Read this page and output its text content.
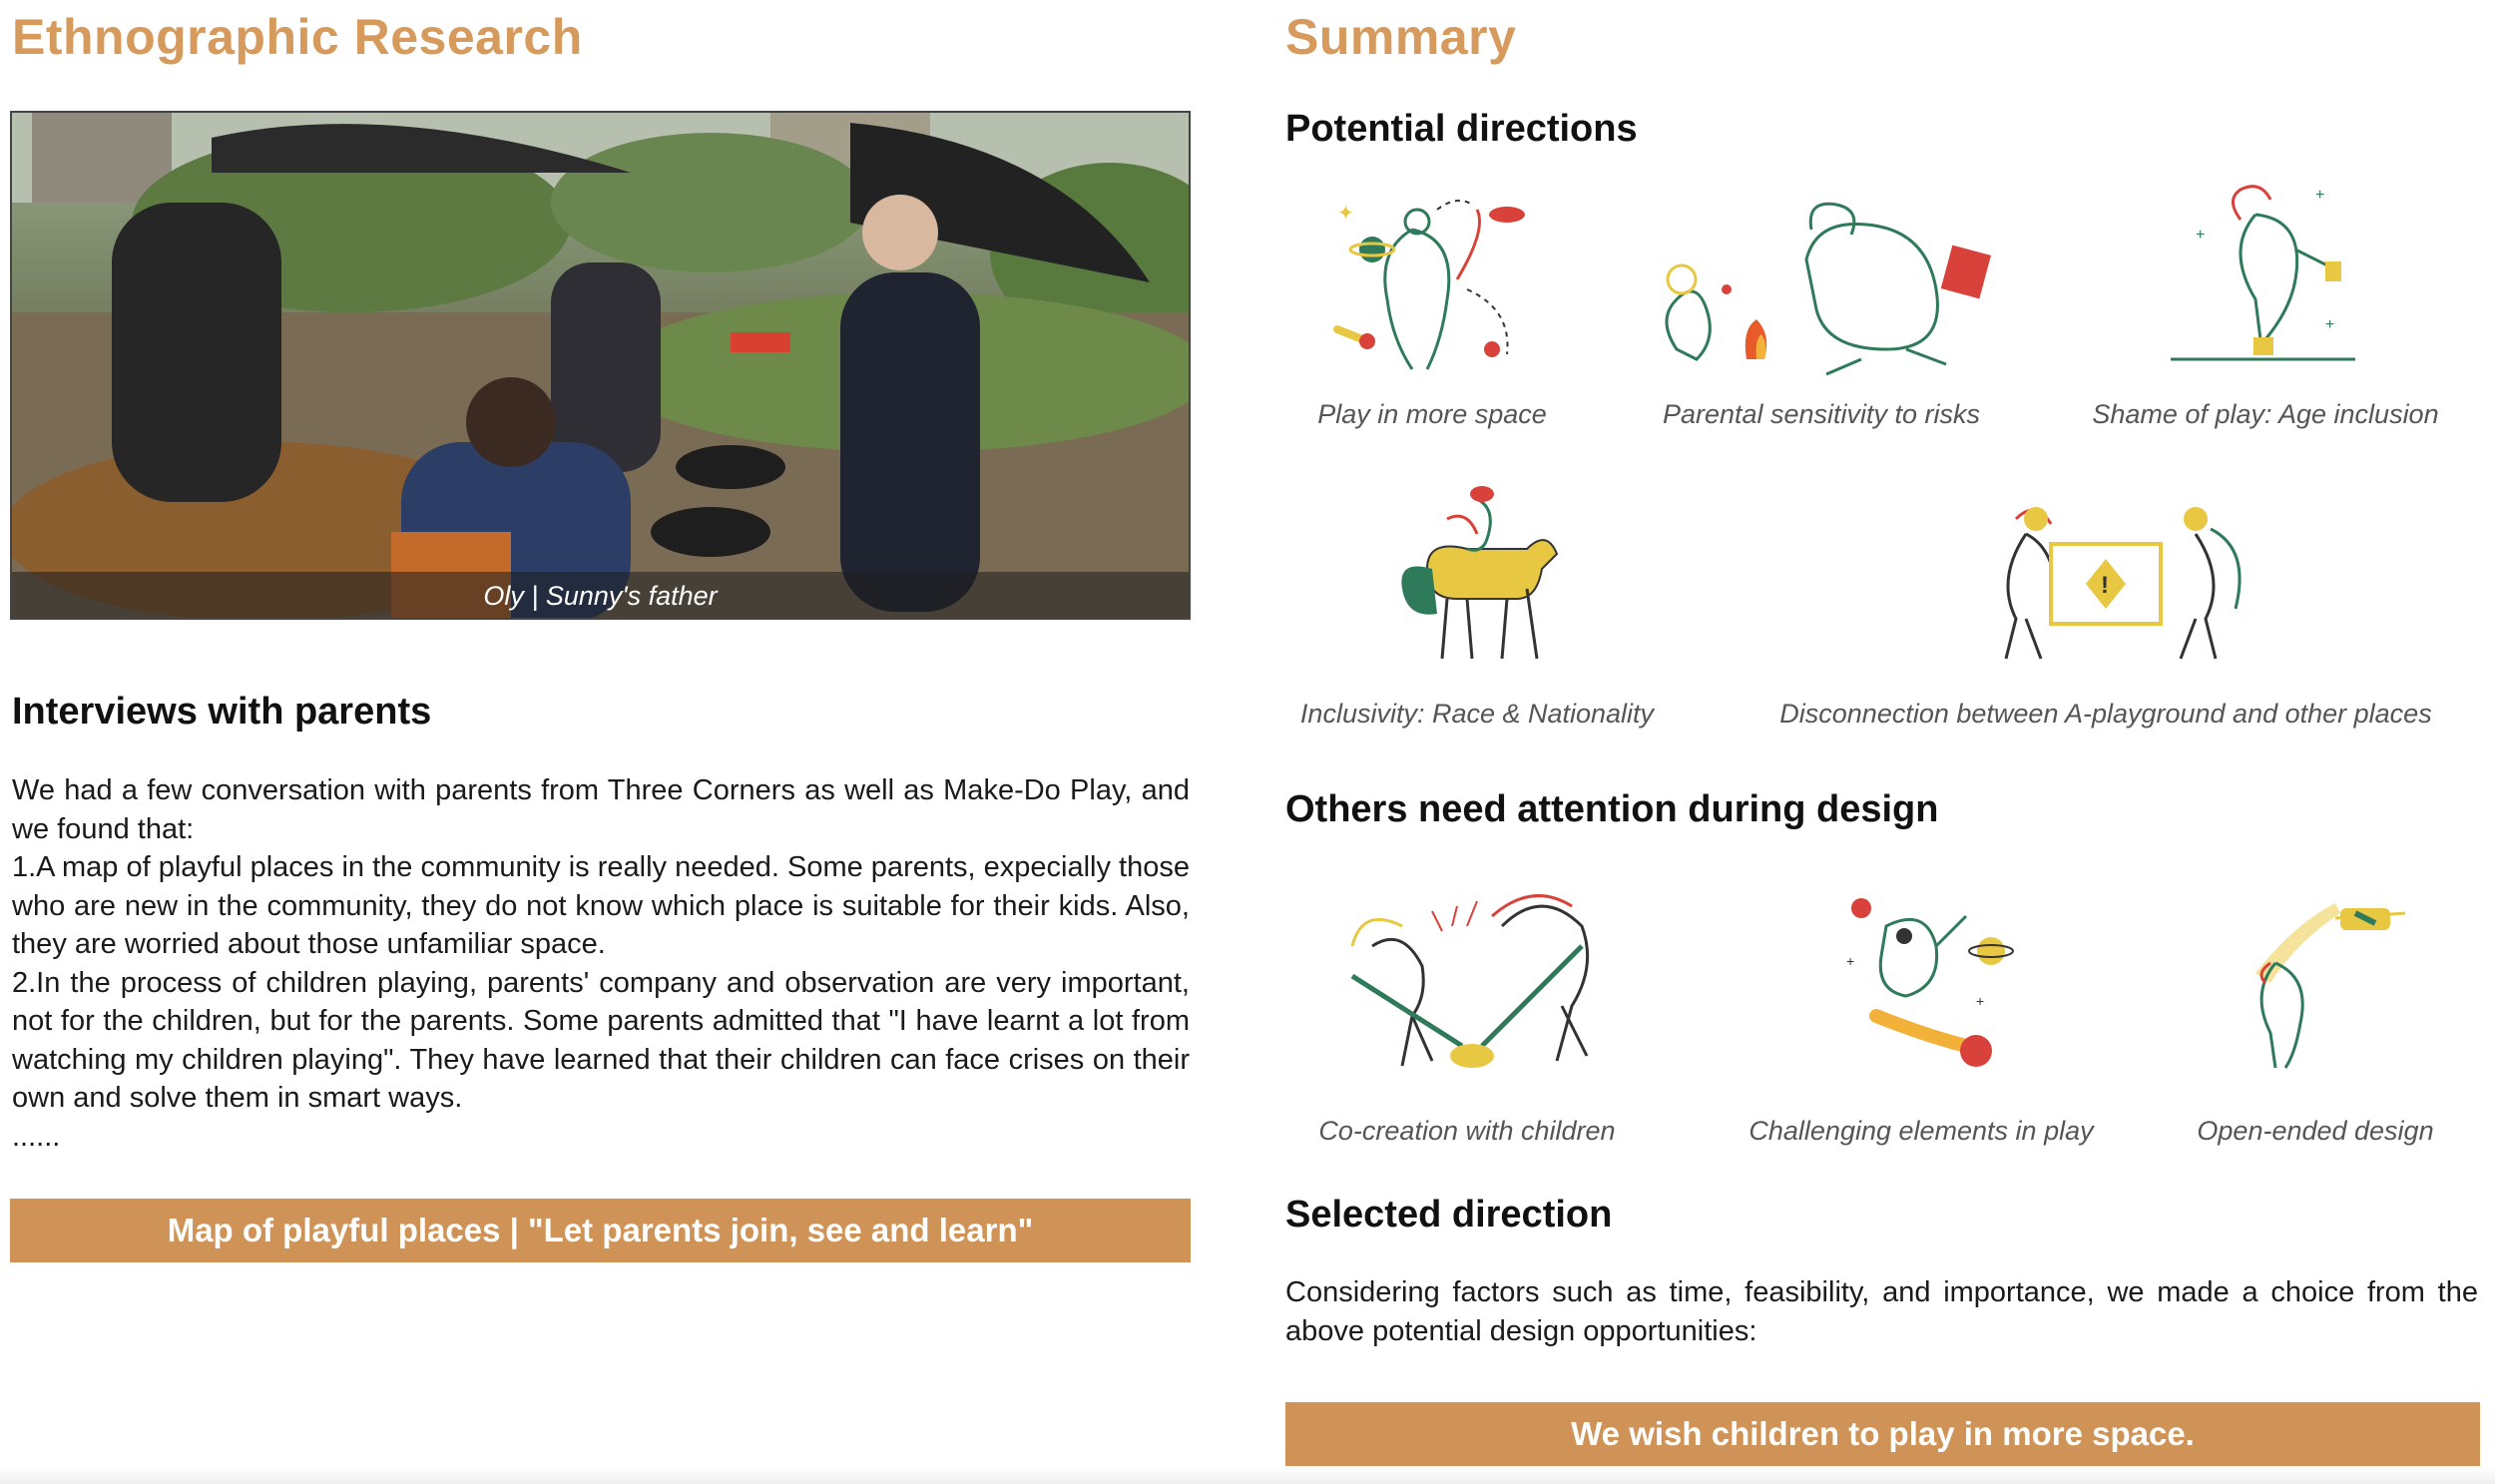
Ethnographic Research
Oly | Sunny's father
Interviews with parents

We had a few conversation with parents from Three Corners as well as Make-Do Play, and we found that:

1.A map of playful places in the community is really needed. Some parents, expecially those who are new in the community, they do not know which place is suitable for their kids. Also, they are worried about those unfamiliar space.

2.In the process of children playing, parents' company and observation are very important, not for the children, but for the parents. Some parents admitted that "I have learnt a lot from watching my children playing". They have learned that their children can face crises on their own and solve them in smart ways.

......

Map of playful places | "Let parents join, see and learn"
Summary
Potential directions
✦
Play in more space	Parental sensitivity to risks
+
+
+
Shame of play: Age inclusion
Inclusivity: Race & Nationality
!
Disconnection between A-playground and other places
Others need attention during design
Co-creation with children
+
+
Challenging elements in play	Open-ended design
Selected direction
Considering factors such as time, feasibility, and importance, we made a choice from the above potential design opportunities:
We wish children to play in more space.
